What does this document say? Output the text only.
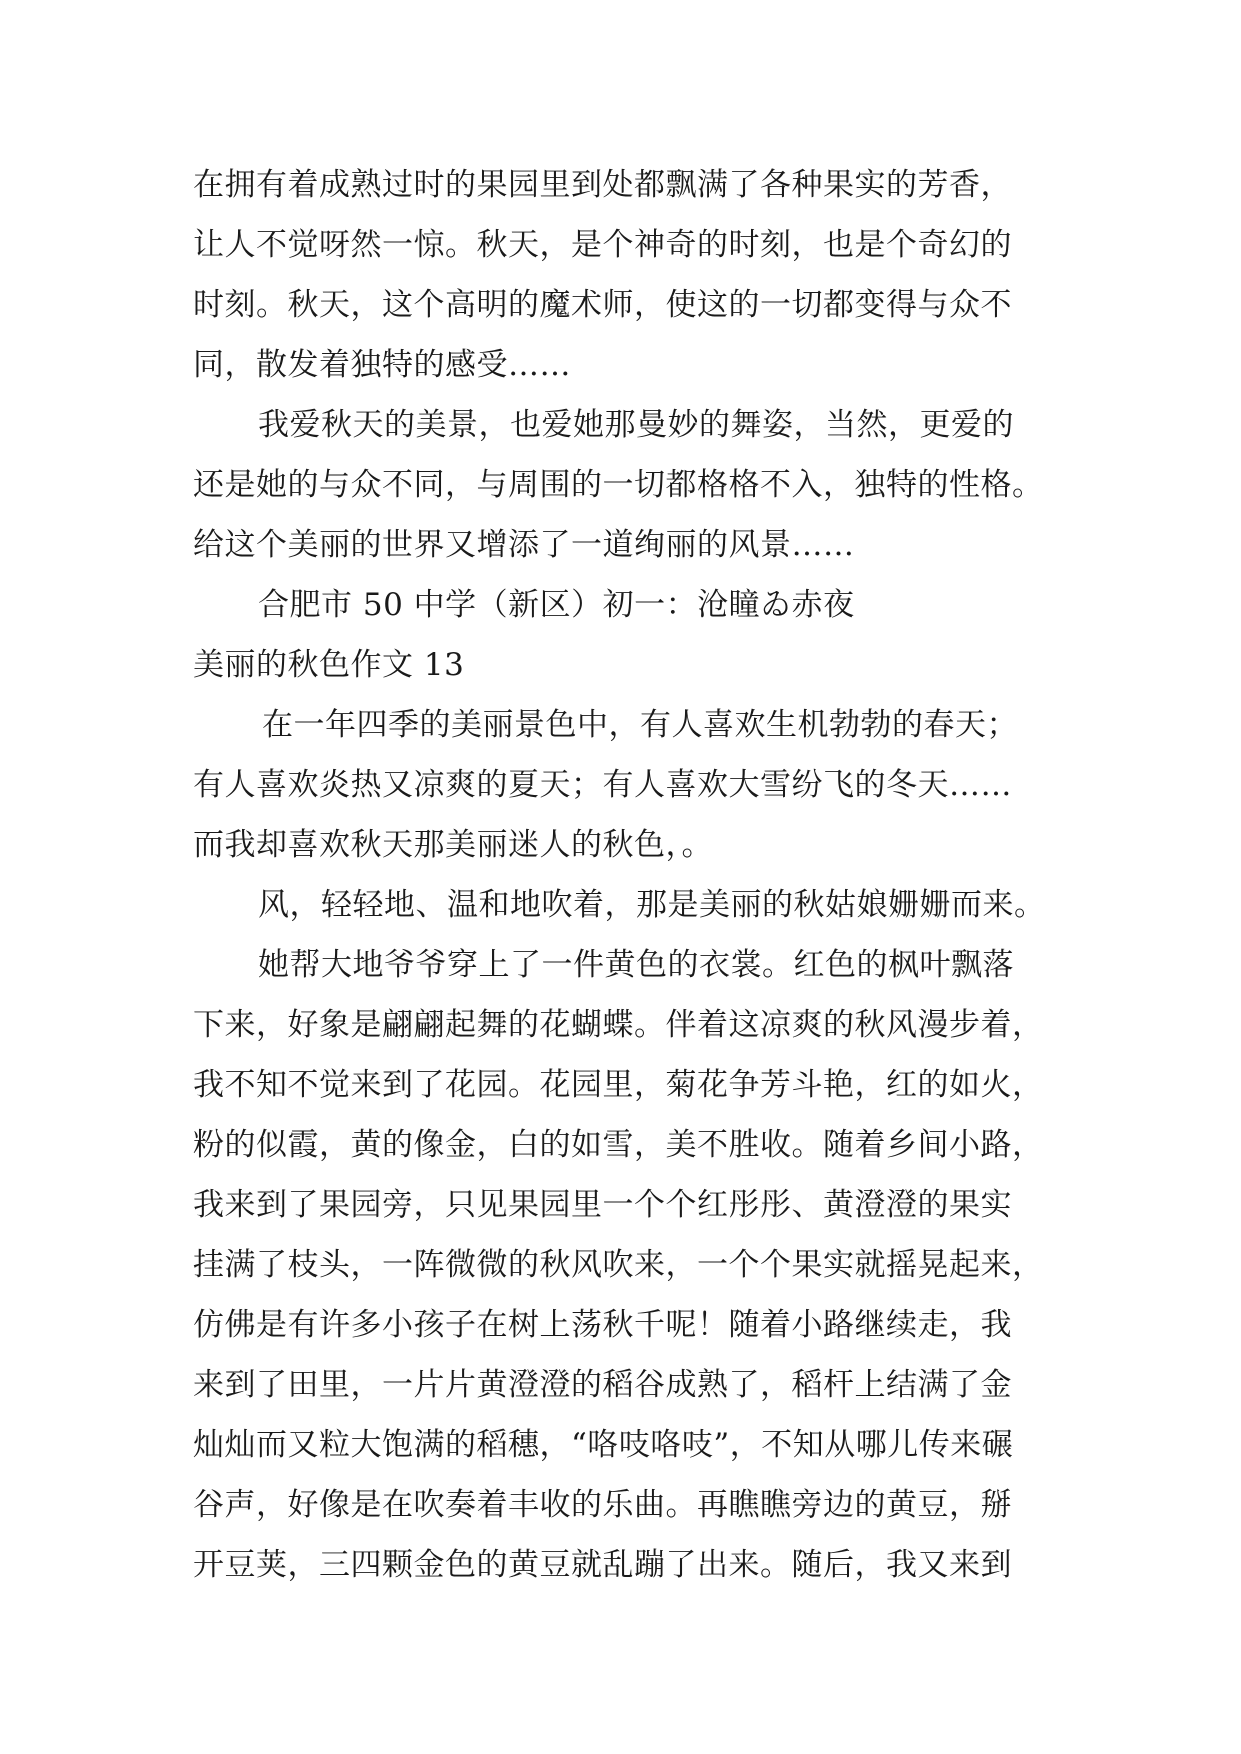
在拥有着成熟过时的果园里到处都飘满了各种果实的芳香，
让人不觉呀然一惊。秋天，是个神奇的时刻，也是个奇幻的
时刻。秋天，这个高明的魔术师，使这的一切都变得与众不
同，散发着独特的感受……
我爱秋天的美景，也爱她那曼妙的舞姿，当然，更爱的
还是她的与众不同，与周围的一切都格格不入，独特的性格。
给这个美丽的世界又增添了一道绚丽的风景……
合肥市 50 中学（新区）初一：沧瞳ゐ赤夜
美丽的秋色作文 13
在一年四季的美丽景色中，有人喜欢生机勃勃的春天；
有人喜欢炎热又凉爽的夏天；有人喜欢大雪纷飞的冬天……
而我却喜欢秋天那美丽迷人的秋色，。
风，轻轻地、温和地吹着，那是美丽的秋姑娘姗姗而来。
她帮大地爷爷穿上了一件黄色的衣裳。红色的枫叶飘落
下来，好象是翩翩起舞的花蝴蝶。伴着这凉爽的秋风漫步着，
我不知不觉来到了花园。花园里，菊花争芳斗艳，红的如火，
粉的似霞，黄的像金，白的如雪，美不胜收。随着乡间小路，
我来到了果园旁，只见果园里一个个红彤彤、黄澄澄的果实
挂满了枝头，一阵微微的秋风吹来，一个个果实就摇晃起来，
仿佛是有许多小孩子在树上荡秋千呢！随着小路继续走，我
来到了田里，一片片黄澄澄的稻谷成熟了，稻杆上结满了金
灿灿而又粒大饱满的稻穗，“咯吱咯吱”，不知从哪儿传来碾
谷声，好像是在吹奏着丰收的乐曲。再瞧瞧旁边的黄豆，掰
开豆荚，三四颗金色的黄豆就乱蹦了出来。随后，我又来到
